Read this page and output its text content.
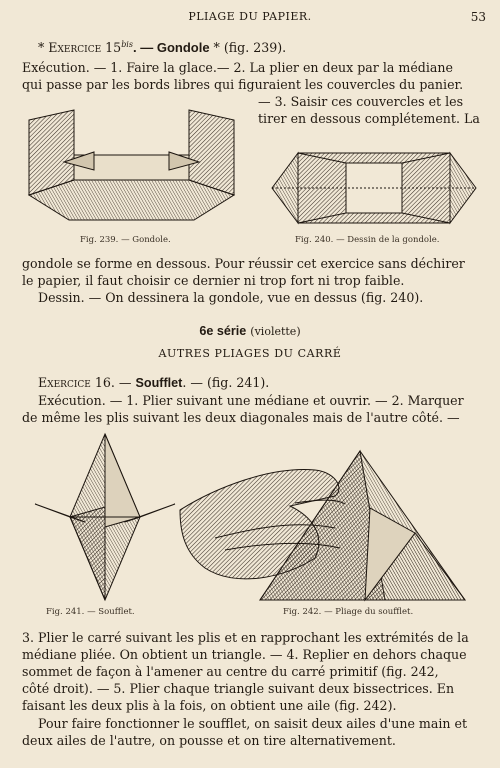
PLIAGE DU PAPIER.	53
* Exercice $15^{bis}$. — Gondole * (fig. 239).
Exécution. — 1. Faire la glace.— 2. La plier en deux par la médiane
qui passe par les bords libres qui figuraient les couvercles du panier.
— 3. Saisir ces couvercles et les
tirer en dessous complétement. La
Fig. 239. — Gondole.	Fig. 240. — Dessin de la gondole.
gondole se forme en dessous. Pour réussir cet exercice sans déchirer
le papier, il faut choisir ce dernier ni trop fort ni trop faible.
Dessin. — On dessinera la gondole, vue en dessus (fig. 240).
6e série (violette)
AUTRES PLIAGES DU CARRÉ
Exercice 16. — Soufflet. — (fig. 241).
Exécution. — 1. Plier suivant une médiane et ouvrir. — 2. Marquer
de même les plis suivant les deux diagonales mais de l'autre côté. —
Fig. 241. — Soufflet.	Fig. 242. — Pliage du soufflet.
3. Plier le carré suivant les plis et en rapprochant les extrémités de la
médiane pliée. On obtient un triangle. — 4. Replier en dehors chaque
sommet de façon à l'amener au centre du carré primitif (fig. 242,
côté droit). — 5. Plier chaque triangle suivant deux bissectrices. En
faisant les deux plis à la fois, on obtient une aile (fig. 242).
Pour faire fonctionner le soufflet, on saisit deux ailes d'une main et
deux ailes de l'autre, on pousse et on tire alternativement.
